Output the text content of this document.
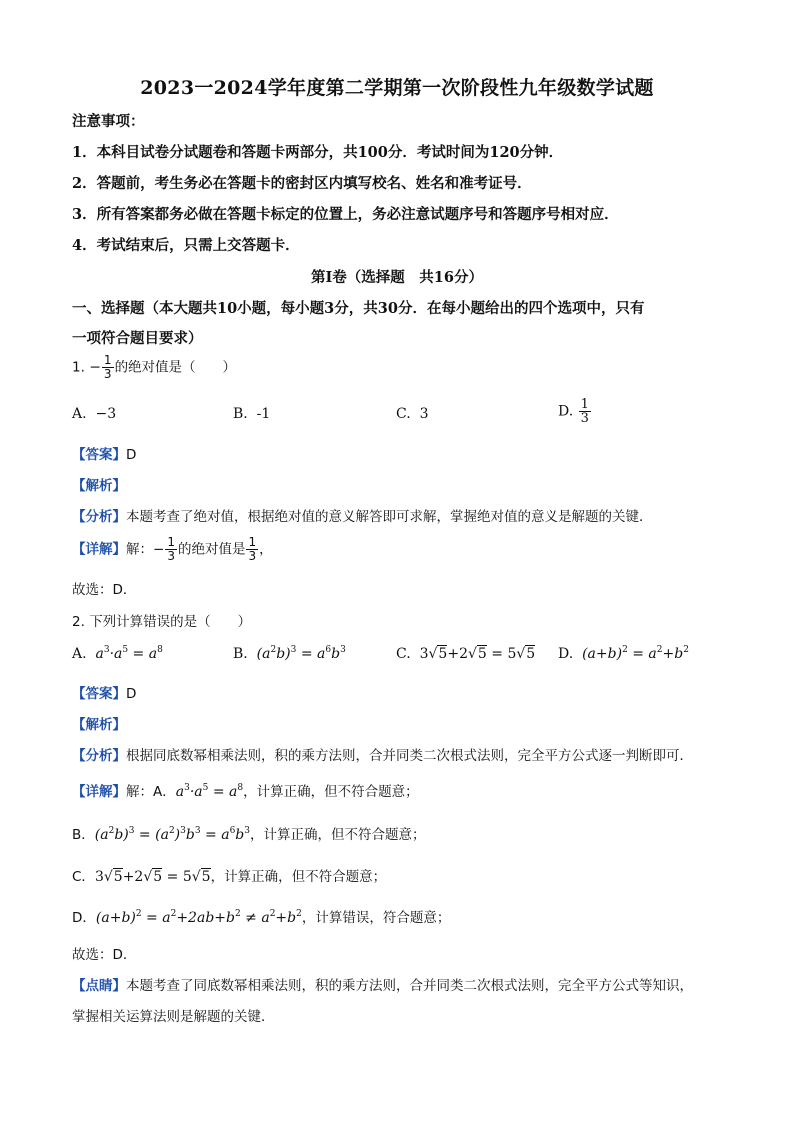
2023一2024学年度第二学期第一次阶段性九年级数学试题
注意事项：
1．本科目试卷分试题卷和答题卡两部分，共100分．考试时间为120分钟．
2．答题前，考生务必在答题卡的密封区内填写校名、姓名和准考证号．
3．所有答案都务必做在答题卡标定的位置上，务必注意试题序号和答题序号相对应．
4．考试结束后，只需上交答题卡．
第Ⅰ卷（选择题　共16分）
一、选择题（本大题共10小题，每小题3分，共30分．在每小题给出的四个选项中，只有
一项符合题目要求）
1. − $\frac{1}{3}$ 的绝对值是（　　）
A. −3	B. -1	C. 3	D. $\frac{1}{3}$
【答案】D
【解析】
【分析】本题考查了绝对值，根据绝对值的意义解答即可求解，掌握绝对值的意义是解题的关键．
【详解】解：− $\frac{1}{3}$ 的绝对值是 $\frac{1}{3}$ ，
故选：D．
2. 下列计算错误的是（　　）
A. $a^3\cdot a^5 = a^8$	B. $(a^2b)^3 = a^6b^3$	C. 3√5+2√5 = 5√5 D. $(a+b)^2 = a^2+b^2$
【答案】D
【解析】
【分析】根据同底数幂相乘法则，积的乘方法则，合并同类二次根式法则，完全平方公式逐一判断即可．
【详解】解：A．$a^3\cdot a^5 = a^8$，计算正确，但不符合题意；
B．$(a^2b)^3 = (a^2)^3b^3 = a^6b^3$，计算正确，但不符合题意；
C．3√5+2√5 = 5√5，计算正确，但不符合题意；
D．$(a+b)^2 = a^2+2ab+b^2 \ne a^2+b^2$，计算错误，符合题意；
故选：D．
【点睛】本题考查了同底数幂相乘法则，积的乘方法则，合并同类二次根式法则，完全平方公式等知识，
掌握相关运算法则是解题的关键．
